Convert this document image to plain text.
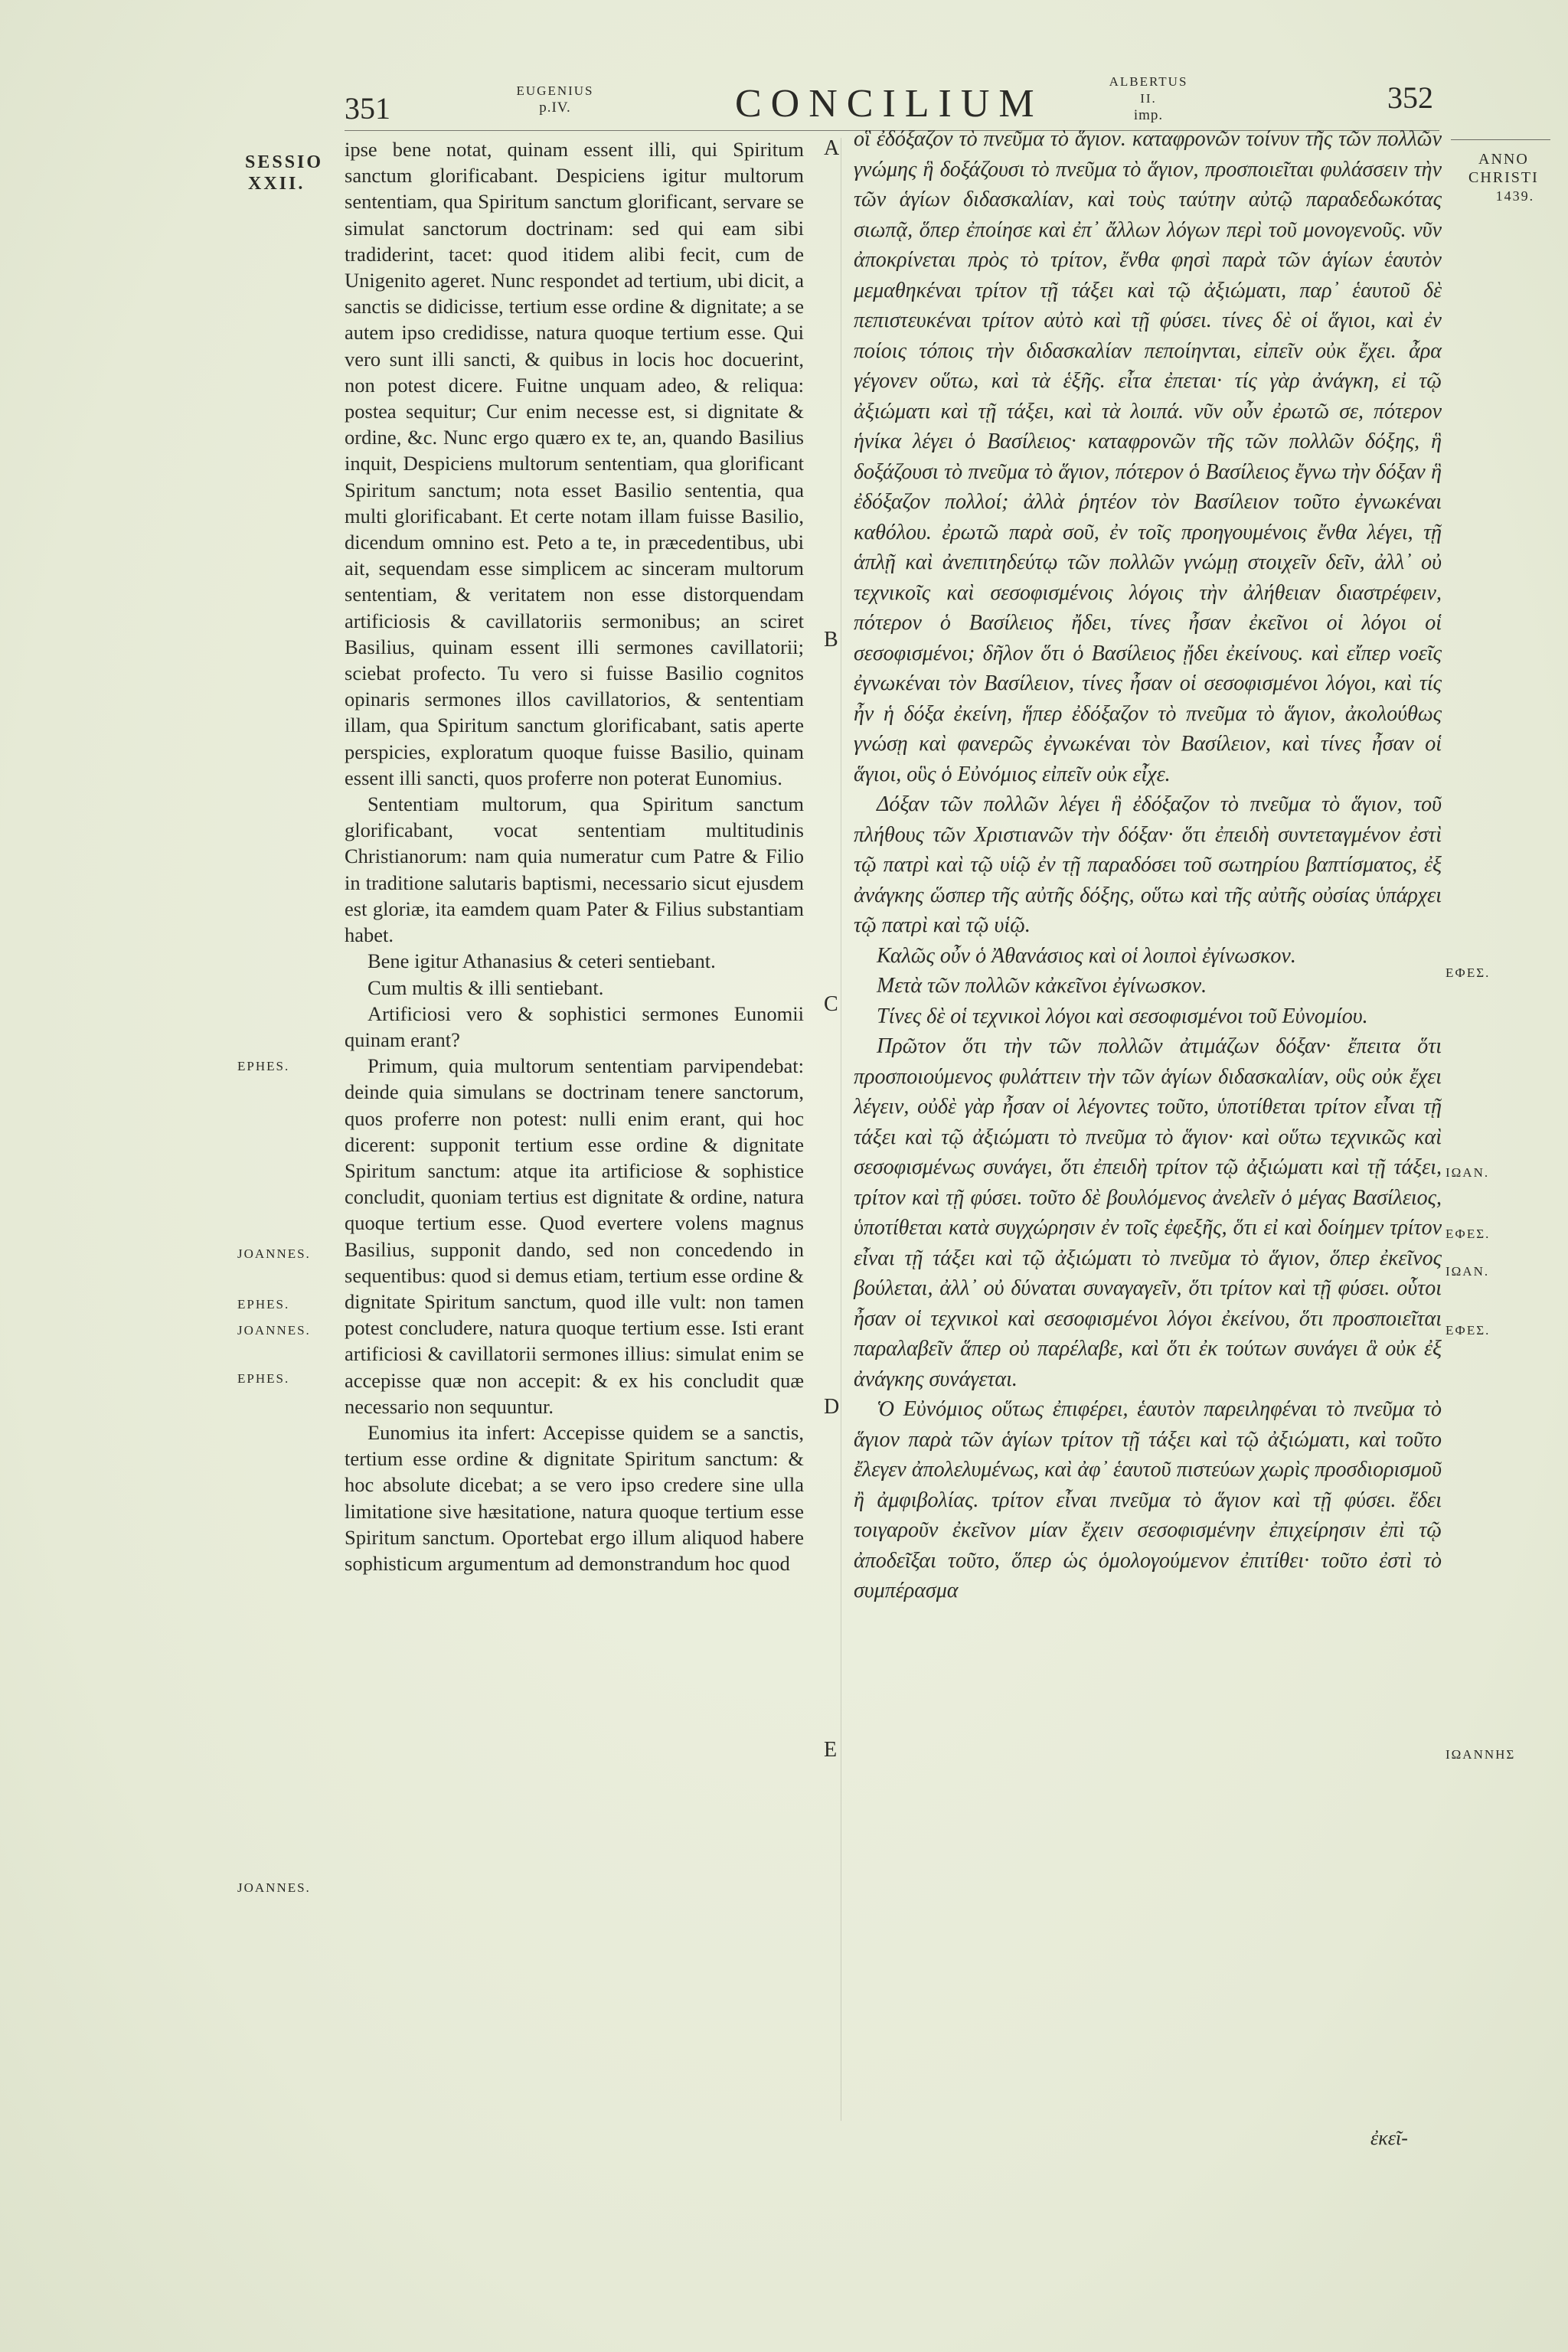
351
EUGENIUS
p.IV.	CONCILIUM
ALBERTUS II.
imp.
352
SESSIO
XXII.
ANNO
CHRISTI
1439.
EPHES.
JOANNES.
EPHES.
JOANNES.
EPHES.
JOANNES.
EФEΣ.
IΩAN.
EФEΣ.
IΩAN.
EФEΣ.
IΩANNHΣ
A
B
C
D
E

ipse bene notat, quinam essent illi, qui Spiritum sanctum glorificabant. Despiciens igitur multorum sententiam, qua Spiritum sanctum glorificant, servare se simulat sanctorum doctrinam: sed qui eam sibi tradiderint, tacet: quod itidem alibi fecit, cum de Unigenito ageret. Nunc respondet ad tertium, ubi dicit, a sanctis se didicisse, tertium esse ordine & dignitate; a se autem ipso credidisse, natura quoque tertium esse. Qui vero sunt illi sancti, & quibus in locis hoc docuerint, non potest dicere. Fuitne unquam adeo, & reliqua: postea sequitur; Cur enim necesse est, si dignitate & ordine, &c. Nunc ergo quæro ex te, an, quando Basilius inquit, Despiciens multorum sententiam, qua glorificant Spiritum sanctum; nota esset Basilio sententia, qua multi glorificabant. Et certe notam illam fuisse Basilio, dicendum omnino est. Peto a te, in præcedentibus, ubi ait, sequendam esse simplicem ac sinceram multorum sententiam, & veritatem non esse distorquendam artificiosis & cavillatoriis sermonibus; an sciret Basilius, quinam essent illi sermones cavillatorii; sciebat profecto. Tu vero si fuisse Basilio cognitos opinaris sermones illos cavillatorios, & sententiam illam, qua Spiritum sanctum glorificabant, satis aperte perspicies, exploratum quoque fuisse Basilio, quinam essent illi sancti, quos proferre non poterat Eunomius.

Sententiam multorum, qua Spiritum sanctum glorificabant, vocat sententiam multitudinis Christianorum: nam quia numeratur cum Patre & Filio in traditione salutaris baptismi, necessario sicut ejusdem est gloriæ, ita eamdem quam Pater & Filius substantiam habet.

Bene igitur Athanasius & ceteri sentiebant.

Cum multis & illi sentiebant.

Artificiosi vero & sophistici sermones Eunomii quinam erant?

Primum, quia multorum sententiam parvipendebat: deinde quia simulans se doctrinam tenere sanctorum, quos proferre non potest: nulli enim erant, qui hoc dicerent: supponit tertium esse ordine & dignitate Spiritum sanctum: atque ita artificiose & sophistice concludit, quoniam tertius est dignitate & ordine, natura quoque tertium esse. Quod evertere volens magnus Basilius, supponit dando, sed non concedendo in sequentibus: quod si demus etiam, tertium esse ordine & dignitate Spiritum sanctum, quod ille vult: non tamen potest concludere, natura quoque tertium esse. Isti erant artificiosi & cavillatorii sermones illius: simulat enim se accepisse quæ non accepit: & ex his concludit quæ necessario non sequuntur.

Eunomius ita infert: Accepisse quidem se a sanctis, tertium esse ordine & dignitate Spiritum sanctum: & hoc absolute dicebat; a se vero ipso credere sine ulla limitatione sive hæsitatione, natura quoque tertium esse Spiritum sanctum. Oportebat ergo illum aliquod habere sophisticum argumentum ad demonstrandum hoc quod

οἳ ἐδόξαζον τὸ πνεῦμα τὸ ἅγιον. καταφρονῶν τοίνυν τῆς τῶν πολλῶν γνώμης ἣ δοξάζουσι τὸ πνεῦμα τὸ ἅγιον, προσποιεῖται φυλάσσειν τὴν τῶν ἁγίων διδασκαλίαν, καὶ τοὺς ταύτην αὐτῷ παραδεδωκότας σιωπᾷ, ὅπερ ἐποίησε καὶ ἐπ᾽ ἄλλων λόγων περὶ τοῦ μονογενοῦς. νῦν ἀποκρίνεται πρὸς τὸ τρίτον, ἔνθα φησὶ παρὰ τῶν ἁγίων ἑαυτὸν μεμαθηκέναι τρίτον τῇ τάξει καὶ τῷ ἀξιώματι, παρ᾽ ἑαυτοῦ δὲ πεπιστευκέναι τρίτον αὐτὸ καὶ τῇ φύσει. τίνες δὲ οἱ ἅγιοι, καὶ ἐν ποίοις τόποις τὴν διδασκαλίαν πεποίηνται, εἰπεῖν οὐκ ἔχει. ἆρα γέγονεν οὕτω, καὶ τὰ ἑξῆς. εἶτα ἐπεται· τίς γὰρ ἀνάγκη, εἰ τῷ ἀξιώματι καὶ τῇ τάξει, καὶ τὰ λοιπά. νῦν οὖν ἐρωτῶ σε, πότερον ἡνίκα λέγει ὁ Βασίλειος· καταφρονῶν τῆς τῶν πολλῶν δόξης, ἣ δοξάζουσι τὸ πνεῦμα τὸ ἅγιον, πότερον ὁ Βασίλειος ἔγνω τὴν δόξαν ἣ ἐδόξαζον πολλοί; ἀλλὰ ῥητέον τὸν Βασίλειον τοῦτο ἐγνωκέναι καθόλου. ἐρωτῶ παρὰ σοῦ, ἐν τοῖς προηγουμένοις ἔνθα λέγει, τῇ ἁπλῇ καὶ ἀνεπιτηδεύτῳ τῶν πολλῶν γνώμῃ στοιχεῖν δεῖν, ἀλλ᾽ οὐ τεχνικοῖς καὶ σεσοφισμένοις λόγοις τὴν ἀλήθειαν διαστρέφειν, πότερον ὁ Βασίλειος ἤδει, τίνες ἦσαν ἐκεῖνοι οἱ λόγοι οἱ σεσοφισμένοι; δῆλον ὅτι ὁ Βασίλειος ᾔδει ἐκείνους. καὶ εἴπερ νοεῖς ἐγνωκέναι τὸν Βασίλειον, τίνες ἦσαν οἱ σεσοφισμένοι λόγοι, καὶ τίς ἦν ἡ δόξα ἐκείνη, ἥπερ ἐδόξαζον τὸ πνεῦμα τὸ ἅγιον, ἀκολούθως γνώσῃ καὶ φανερῶς ἐγνωκέναι τὸν Βασίλειον, καὶ τίνες ἦσαν οἱ ἅγιοι, οὓς ὁ Εὐνόμιος εἰπεῖν οὐκ εἶχε.

Δόξαν τῶν πολλῶν λέγει ἣ ἐδόξαζον τὸ πνεῦμα τὸ ἅγιον, τοῦ πλήθους τῶν Χριστιανῶν τὴν δόξαν· ὅτι ἐπειδὴ συντεταγμένον ἐστὶ τῷ πατρὶ καὶ τῷ υἱῷ ἐν τῇ παραδόσει τοῦ σωτηρίου βαπτίσματος, ἐξ ἀνάγκης ὥσπερ τῆς αὐτῆς δόξης, οὕτω καὶ τῆς αὐτῆς οὐσίας ὑπάρχει τῷ πατρὶ καὶ τῷ υἱῷ.

Καλῶς οὖν ὁ Ἀθανάσιος καὶ οἱ λοιποὶ ἐγίνωσκον.

Μετὰ τῶν πολλῶν κἀκεῖνοι ἐγίνωσκον.

Τίνες δὲ οἱ τεχνικοὶ λόγοι καὶ σεσοφισμένοι τοῦ Εὐνομίου.

Πρῶτον ὅτι τὴν τῶν πολλῶν ἀτιμάζων δόξαν· ἔπειτα ὅτι προσποιούμενος φυλάττειν τὴν τῶν ἁγίων διδασκαλίαν, οὓς οὐκ ἔχει λέγειν, οὐδὲ γὰρ ἦσαν οἱ λέγοντες τοῦτο, ὑποτίθεται τρίτον εἶναι τῇ τάξει καὶ τῷ ἀξιώματι τὸ πνεῦμα τὸ ἅγιον· καὶ οὕτω τεχνικῶς καὶ σεσοφισμένως συνάγει, ὅτι ἐπειδὴ τρίτον τῷ ἀξιώματι καὶ τῇ τάξει, τρίτον καὶ τῇ φύσει. τοῦτο δὲ βουλόμενος ἀνελεῖν ὁ μέγας Βασίλειος, ὑποτίθεται κατὰ συγχώρησιν ἐν τοῖς ἐφεξῆς, ὅτι εἰ καὶ δοίημεν τρίτον εἶναι τῇ τάξει καὶ τῷ ἀξιώματι τὸ πνεῦμα τὸ ἅγιον, ὅπερ ἐκεῖνος βούλεται, ἀλλ᾽ οὐ δύναται συναγαγεῖν, ὅτι τρίτον καὶ τῇ φύσει. οὗτοι ἦσαν οἱ τεχνικοὶ καὶ σεσοφισμένοι λόγοι ἐκείνου, ὅτι προσποιεῖται παραλαβεῖν ἅπερ οὐ παρέλαβε, καὶ ὅτι ἐκ τούτων συνάγει ἃ οὐκ ἐξ ἀνάγκης συνάγεται.

Ὁ Εὐνόμιος οὕτως ἐπιφέρει, ἑαυτὸν παρειληφέναι τὸ πνεῦμα τὸ ἅγιον παρὰ τῶν ἁγίων τρίτον τῇ τάξει καὶ τῷ ἀξιώματι, καὶ τοῦτο ἔλεγεν ἀπολελυμένως, καὶ ἀφ᾽ ἑαυτοῦ πιστεύων χωρὶς προσδιορισμοῦ ἢ ἀμφιβολίας. τρίτον εἶναι πνεῦμα τὸ ἅγιον καὶ τῇ φύσει. ἔδει τοιγαροῦν ἐκεῖνον μίαν ἔχειν σεσοφισμένην ἐπιχείρησιν ἐπὶ τῷ ἀποδεῖξαι τοῦτο, ὅπερ ὡς ὁμολογούμενον ἐπιτίθει· τοῦτο ἐστὶ τὸ συμπέρασμα

ἐκεῖ-
